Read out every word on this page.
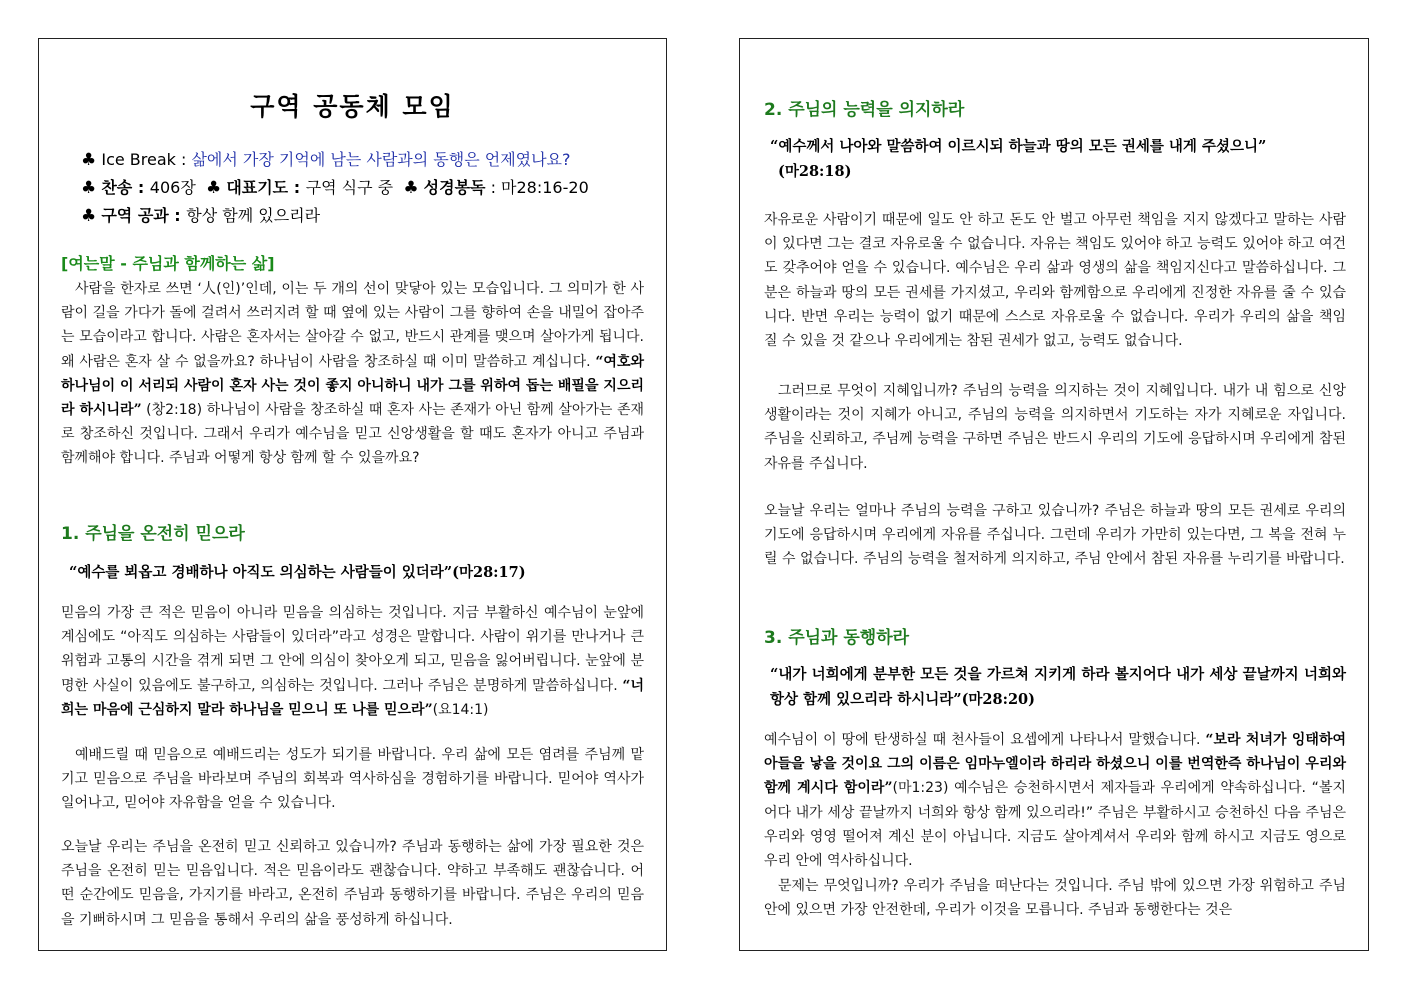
구역 공동체 모임
♣ Ice Break : 삶에서 가장 기억에 남는 사람과의 동행은 언제였나요?
♣ 찬송 : 406장 ♣ 대표기도 : 구역 식구 중 ♣ 성경봉독 : 마28:16-20
♣ 구역 공과 : 항상 함께 있으리라
[여는말 - 주님과 함께하는 삶]
사람을 한자로 쓰면 ‘人(인)’인데, 이는 두 개의 선이 맞닿아 있는 모습입니다. 그 의미가 한 사람이 길을 가다가 돌에 걸려서 쓰러지려 할 때 옆에 있는 사람이 그를 향하여 손을 내밀어 잡아주는 모습이라고 합니다. 사람은 혼자서는 살아갈 수 없고, 반드시 관계를 맺으며 살아가게 됩니다. 왜 사람은 혼자 살 수 없을까요? 하나님이 사람을 창조하실 때 이미 말씀하고 계십니다. “여호와 하나님이 이 서리되 사람이 혼자 사는 것이 좋지 아니하니 내가 그를 위하여 돕는 배필을 지으리라 하시니라” (창2:18) 하나님이 사람을 창조하실 때 혼자 사는 존재가 아닌 함께 살아가는 존재로 창조하신 것입니다. 그래서 우리가 예수님을 믿고 신앙생활을 할 때도 혼자가 아니고 주님과 함께해야 합니다. 주님과 어떻게 항상 함께 할 수 있을까요?
1. 주님을 온전히 믿으라
“예수를 뵈옵고 경배하나 아직도 의심하는 사람들이 있더라”(마28:17)
믿음의 가장 큰 적은 믿음이 아니라 믿음을 의심하는 것입니다. 지금 부활하신 예수님이 눈앞에 계심에도 “아직도 의심하는 사람들이 있더라”라고 성경은 말합니다. 사람이 위기를 만나거나 큰 위험과 고통의 시간을 겪게 되면 그 안에 의심이 찾아오게 되고, 믿음을 잃어버립니다. 눈앞에 분명한 사실이 있음에도 불구하고, 의심하는 것입니다. 그러나 주님은 분명하게 말씀하십니다. “너희는 마음에 근심하지 말라 하나님을 믿으니 또 나를 믿으라”(요14:1)
예배드릴 때 믿음으로 예배드리는 성도가 되기를 바랍니다. 우리 삶에 모든 염려를 주님께 맡기고 믿음으로 주님을 바라보며 주님의 회복과 역사하심을 경험하기를 바랍니다. 믿어야 역사가 일어나고, 믿어야 자유함을 얻을 수 있습니다.
오늘날 우리는 주님을 온전히 믿고 신뢰하고 있습니까? 주님과 동행하는 삶에 가장 필요한 것은 주님을 온전히 믿는 믿음입니다. 적은 믿음이라도 괜찮습니다. 약하고 부족해도 괜찮습니다. 어떤 순간에도 믿음을, 가지기를 바라고, 온전히 주님과 동행하기를 바랍니다. 주님은 우리의 믿음을 기뻐하시며 그 믿음을 통해서 우리의 삶을 풍성하게 하십니다.
2. 주님의 능력을 의지하라
“예수께서 나아와 말씀하여 이르시되 하늘과 땅의 모든 권세를 내게 주셨으니”
(마28:18)
자유로운 사람이기 때문에 일도 안 하고 돈도 안 벌고 아무런 책임을 지지 않겠다고 말하는 사람이 있다면 그는 결코 자유로울 수 없습니다. 자유는 책임도 있어야 하고 능력도 있어야 하고 여건도 갖추어야 얻을 수 있습니다. 예수님은 우리 삶과 영생의 삶을 책임지신다고 말씀하십니다. 그분은 하늘과 땅의 모든 권세를 가지셨고, 우리와 함께함으로 우리에게 진정한 자유를 줄 수 있습니다. 반면 우리는 능력이 없기 때문에 스스로 자유로울 수 없습니다. 우리가 우리의 삶을 책임 질 수 있을 것 같으나 우리에게는 참된 권세가 없고, 능력도 없습니다.
그러므로 무엇이 지혜입니까? 주님의 능력을 의지하는 것이 지혜입니다. 내가 내 힘으로 신앙생활이라는 것이 지혜가 아니고, 주님의 능력을 의지하면서 기도하는 자가 지혜로운 자입니다. 주님을 신뢰하고, 주님께 능력을 구하면 주님은 반드시 우리의 기도에 응답하시며 우리에게 참된 자유를 주십니다.
오늘날 우리는 얼마나 주님의 능력을 구하고 있습니까? 주님은 하늘과 땅의 모든 권세로 우리의 기도에 응답하시며 우리에게 자유를 주십니다. 그런데 우리가 가만히 있는다면, 그 복을 전혀 누릴 수 없습니다. 주님의 능력을 철저하게 의지하고, 주님 안에서 참된 자유를 누리기를 바랍니다.
3. 주님과 동행하라
“내가 너희에게 분부한 모든 것을 가르쳐 지키게 하라 볼지어다 내가 세상 끝날까지 너희와 항상 함께 있으리라 하시니라”(마28:20)
예수님이 이 땅에 탄생하실 때 천사들이 요셉에게 나타나서 말했습니다. “보라 처녀가 잉태하여 아들을 낳을 것이요 그의 이름은 임마누엘이라 하리라 하셨으니 이를 번역한즉 하나님이 우리와 함께 계시다 함이라”(마1:23) 예수님은 승천하시면서 제자들과 우리에게 약속하십니다. “볼지어다 내가 세상 끝날까지 너희와 항상 함께 있으리라!” 주님은 부활하시고 승천하신 다음 주님은 우리와 영영 떨어져 계신 분이 아닙니다. 지금도 살아계셔서 우리와 함께 하시고 지금도 영으로 우리 안에 역사하십니다.
문제는 무엇입니까? 우리가 주님을 떠난다는 것입니다. 주님 밖에 있으면 가장 위험하고 주님 안에 있으면 가장 안전한데, 우리가 이것을 모릅니다. 주님과 동행한다는 것은
